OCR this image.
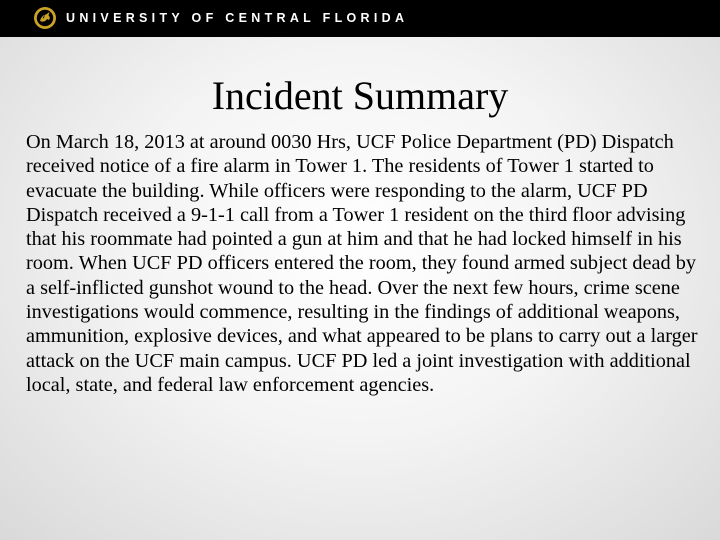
UNIVERSITY OF CENTRAL FLORIDA
Incident Summary

On March 18, 2013 at around 0030 Hrs, UCF Police Department (PD) Dispatch received notice of a fire alarm in Tower 1. The residents of Tower 1 started to evacuate the building. While officers were responding to the alarm, UCF PD Dispatch received a 9-1-1 call from a Tower 1 resident on the third floor advising that his roommate had pointed a gun at him and that he had locked himself in his room. When UCF PD officers entered the room, they found armed subject dead by a self-inflicted gunshot wound to the head. Over the next few hours, crime scene investigations would commence, resulting in the findings of additional weapons, ammunition, explosive devices, and what appeared to be plans to carry out a larger attack on the UCF main campus. UCF PD led a joint investigation with additional local, state, and federal law enforcement agencies.
